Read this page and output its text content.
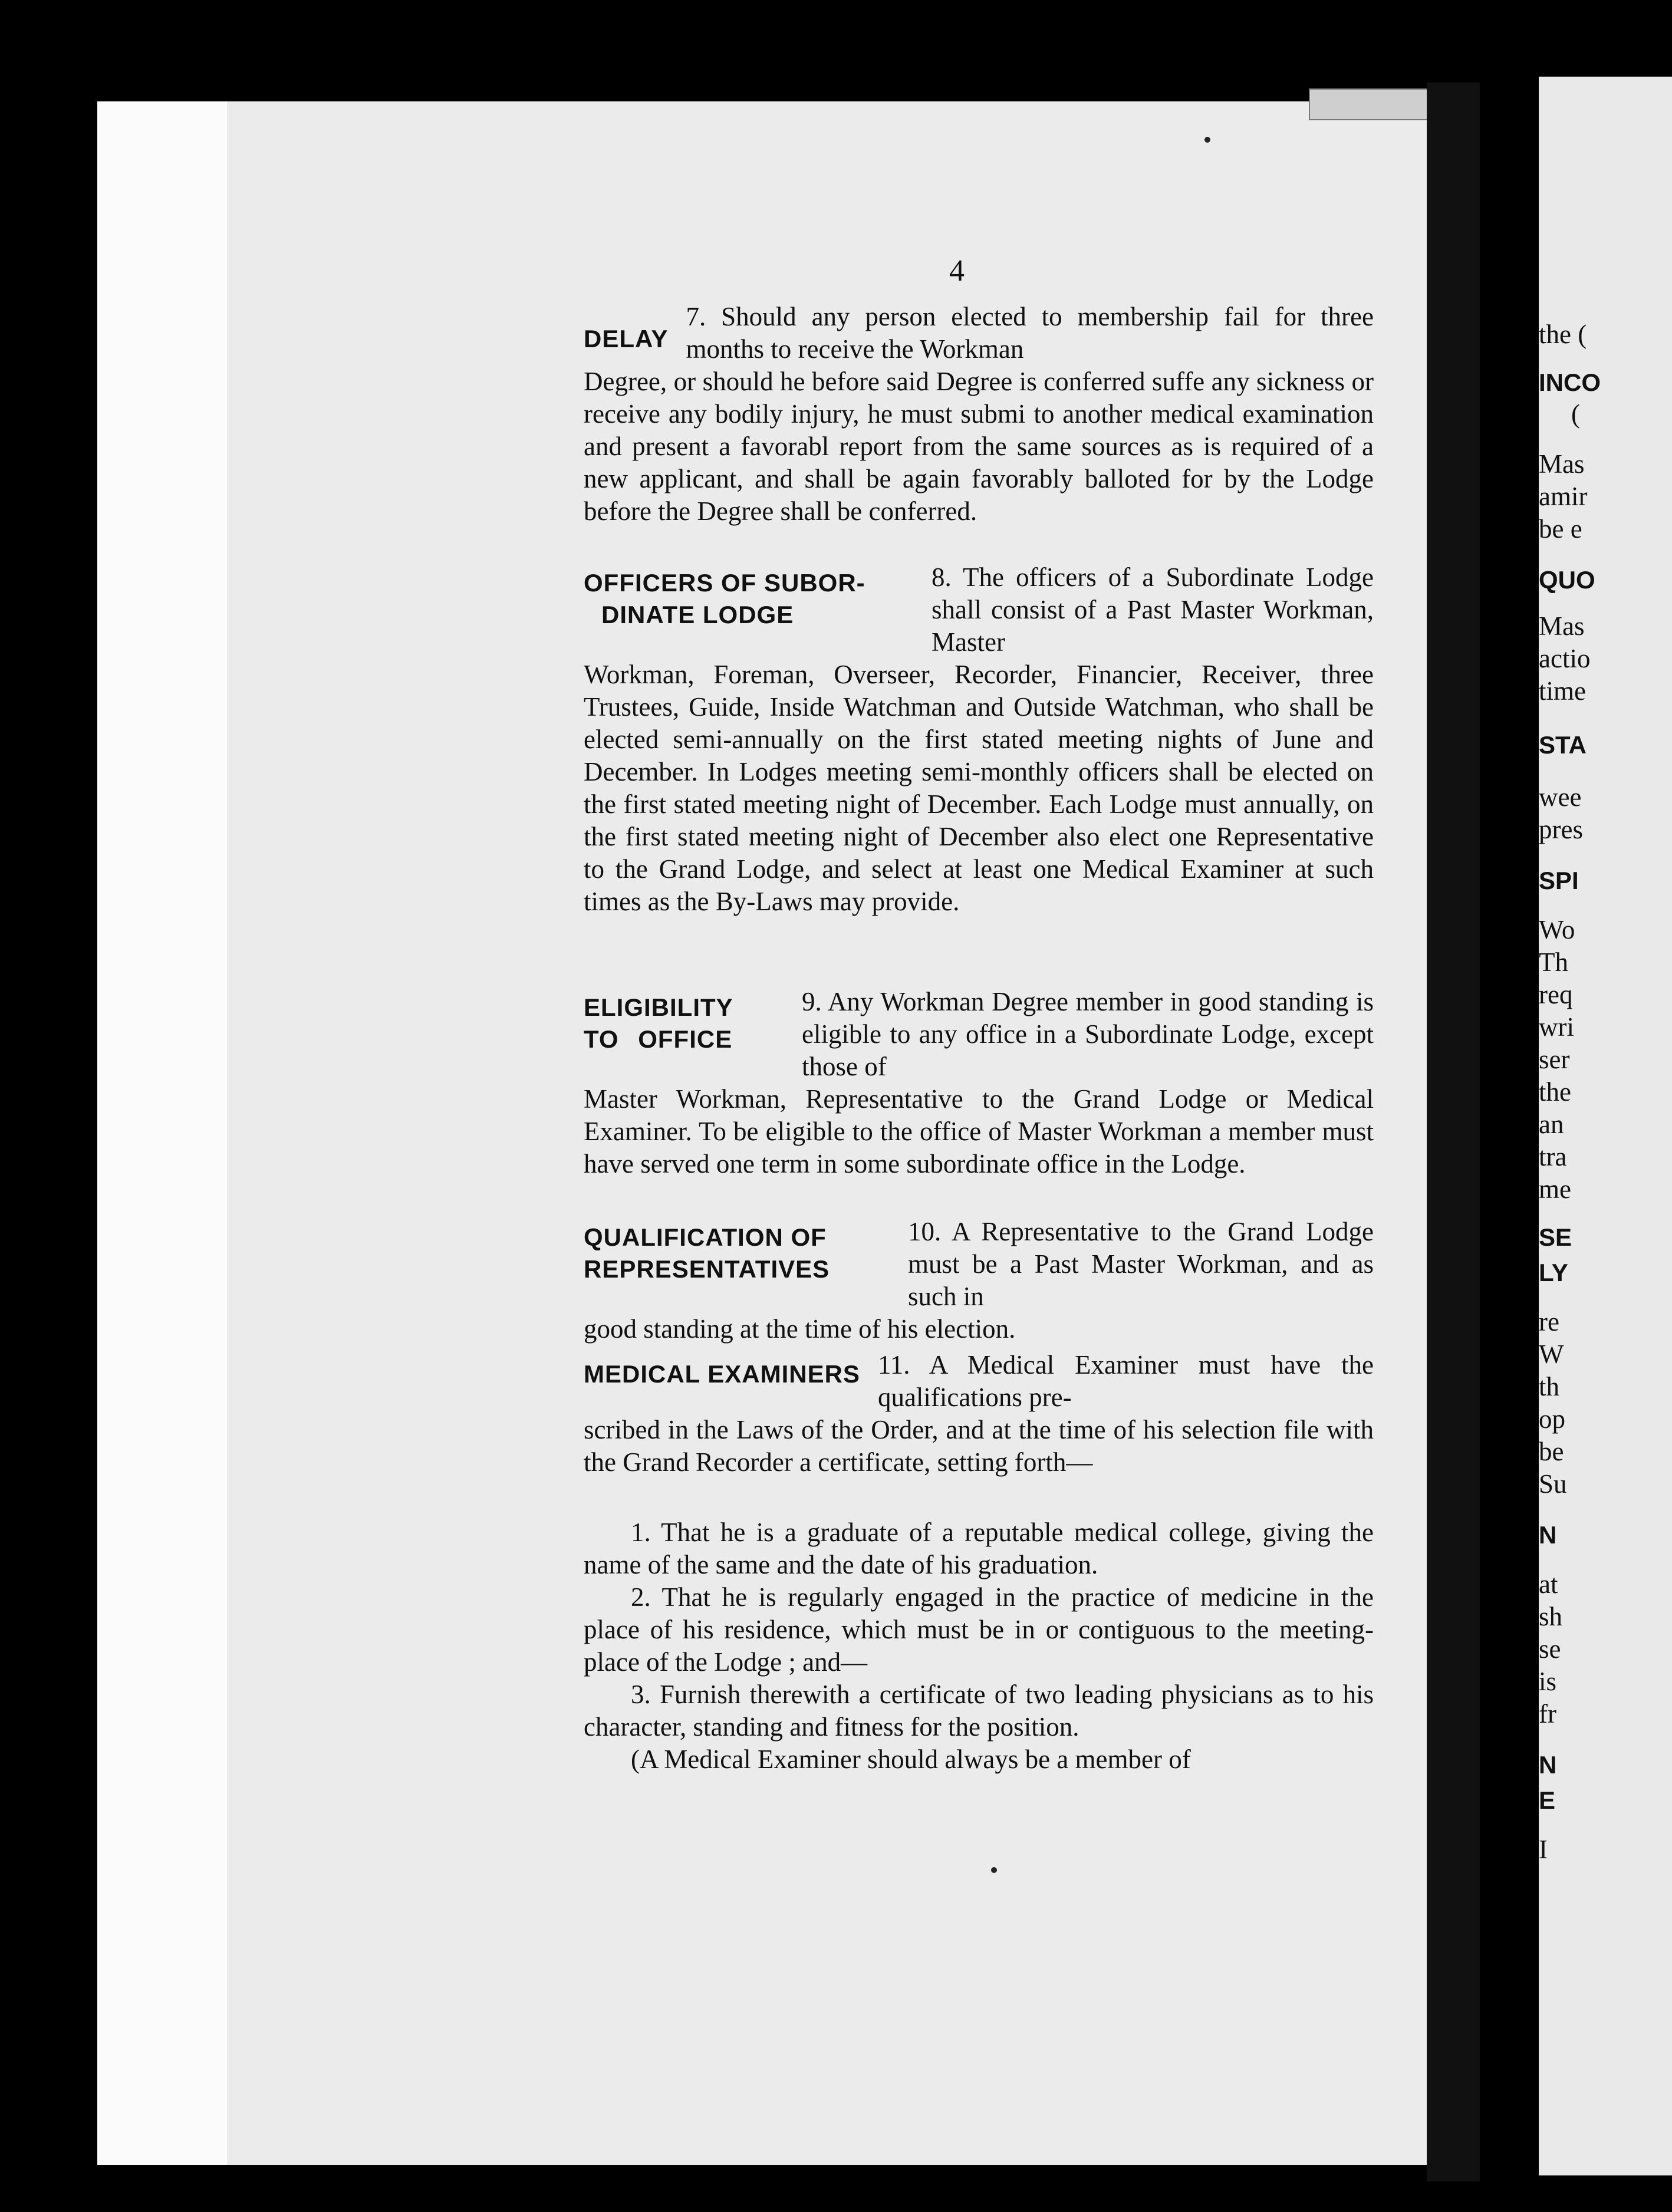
4
DELAY
7. Should any person elected to membership fail for three months to receive the Workman
Degree, or should he before said Degree is conferred suffe any sickness or receive any bodily injury, he must submi to another medical examination and present a favorabl report from the same sources as is required of a new applicant, and shall be again favorably balloted for by the Lodge before the Degree shall be conferred.
OFFICERS OF SUBOR-
DINATE LODGE
8. The officers of a Subordinate Lodge shall consist of a Past Master Workman, Master
Workman, Foreman, Overseer, Recorder, Financier, Receiver, three Trustees, Guide, Inside Watchman and Outside Watchman, who shall be elected semi-annually on the first stated meeting nights of June and December. In Lodges meeting semi-monthly officers shall be elected on the first stated meeting night of December. Each Lodge must annually, on the first stated meeting night of December also elect one Representative to the Grand Lodge, and select at least one Medical Examiner at such times as the By-Laws may provide.
ELIGIBILITY
TO OFFICE
9. Any Workman Degree member in good standing is eligible to any office in a Subordinate Lodge, except those of
Master Workman, Representative to the Grand Lodge or Medical Examiner. To be eligible to the office of Master Workman a member must have served one term in some subordinate office in the Lodge.
QUALIFICATION OF
REPRESENTATIVES
10. A Representative to the Grand Lodge must be a Past Master Workman, and as such in
good standing at the time of his election.
MEDICAL EXAMINERS 11. A Medical Examiner must have the qualifications pre-
scribed in the Laws of the Order, and at the time of his selection file with the Grand Recorder a certificate, setting forth—
1. That he is a graduate of a reputable medical college, giving the name of the same and the date of his graduation.
2. That he is regularly engaged in the practice of medicine in the place of his residence, which must be in or contiguous to the meeting-place of the Lodge ; and—
3. Furnish therewith a certificate of two leading physicians as to his character, standing and fitness for the position.
(A Medical Examiner should always be a member of
the (
INCO
(
Mas
amir
be e
QUO
Mas
actio
time
STA
wee
pres
SPI
Wo
Th
req
wri
ser
the
an
tra
me
SE
LY
re
W
th
op
be
Su
N
at
sh
se
is
fr
N
E
I
